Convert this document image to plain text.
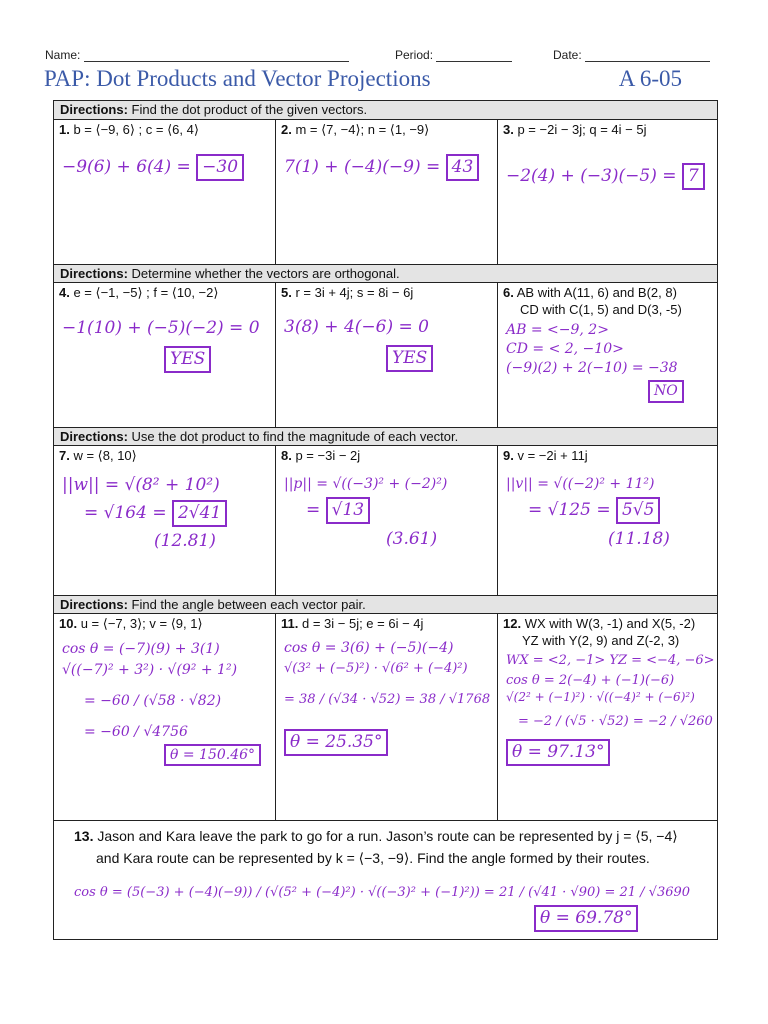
Name:	Period:	Date:
PAP: Dot Products and Vector Projections	A 6-05
Directions: Find the dot product of the given vectors.
1. b = ⟨−9, 6⟩ ; c = ⟨6, 4⟩
−9(6) + 6(4) = −30
2. m = ⟨7, −4⟩; n = ⟨1, −9⟩
7(1) + (−4)(−9) = 43
3. p = −2i − 3j; q = 4i − 5j
−2(4) + (−3)(−5) = 7
Directions: Determine whether the vectors are orthogonal.
4. e = ⟨−1, −5⟩ ; f = ⟨10, −2⟩
−1(10) + (−5)(−2) = 0
YES
5. r = 3i + 4j; s = 8i − 6j
3(8) + 4(−6) = 0
YES
6. AB with A(11, 6) and B(2, 8)
CD with C(1, 5) and D(3, -5)
AB = <−9, 2>
CD = < 2, −10>
(−9)(2) + 2(−10) = −38
NO
Directions: Use the dot product to find the magnitude of each vector.
7. w = ⟨8, 10⟩
||w|| = √(8² + 10²)
= √164 = 2√41
(12.81)
8. p = −3i − 2j
||p|| = √((−3)² + (−2)²)
= √13
(3.61)
9. v = −2i + 11j
||v|| = √((−2)² + 11²)
= √125 = 5√5
(11.18)
Directions: Find the angle between each vector pair.
10. u = ⟨−7, 3⟩; v = ⟨9, 1⟩
cos θ = (−7)(9) + 3(1)
√((−7)² + 3²) · √(9² + 1²)
= −60 / (√58 · √82)
= −60 / √4756
θ = 150.46°
11. d = 3i − 5j; e = 6i − 4j
cos θ = 3(6) + (−5)(−4)
√(3² + (−5)²) · √(6² + (−4)²)
= 38 / (√34 · √52) = 38 / √1768
θ = 25.35°
12. WX with W(3, -1) and X(5, -2)
YZ with Y(2, 9) and Z(-2, 3)
WX = <2, −1> YZ = <−4, −6>
cos θ = 2(−4) + (−1)(−6)
√(2² + (−1)²) · √((−4)² + (−6)²)
= −2 / (√5 · √52) = −2 / √260
θ = 97.13°
13. Jason and Kara leave the park to go for a run. Jason’s route can be represented by j = ⟨5, −4⟩
and Kara route can be represented by k = ⟨−3, −9⟩. Find the angle formed by their routes.
cos θ = (5(−3) + (−4)(−9)) / (√(5² + (−4)²) · √((−3)² + (−1)²)) = 21 / (√41 · √90) = 21 / √3690
θ = 69.78°
